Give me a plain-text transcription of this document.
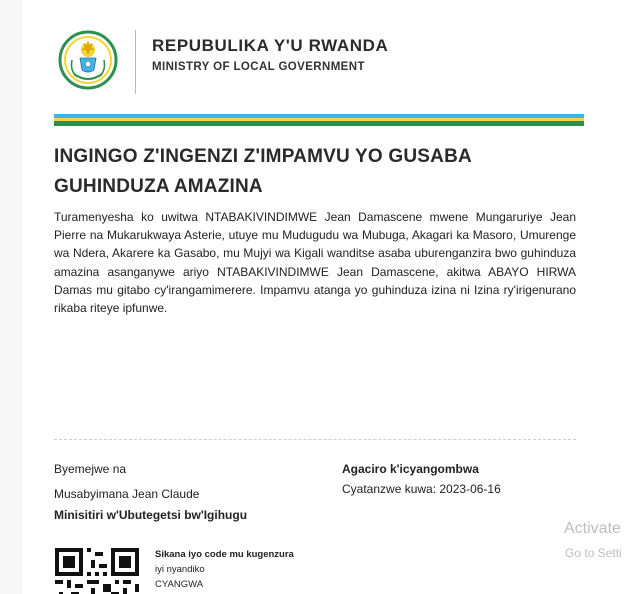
REPUBULIKA Y'U RWANDA
MINISTRY OF LOCAL GOVERNMENT
INGINGO Z'INGENZI Z'IMPAMVU YO GUSABA GUHINDUZA AMAZINA
Turamenyesha ko uwitwa NTABAKIVINDIMWE Jean Damascene mwene Mungaruriye Jean Pierre na Mukarukwaya Asterie, utuye mu Mudugudu wa Mubuga, Akagari ka Masoro, Umurenge wa Ndera, Akarere ka Gasabo, mu Mujyi wa Kigali wanditse asaba uburenganzira bwo guhinduza amazina asanganywe ariyo NTABAKIVINDIMWE Jean Damascene, akitwa ABAYO HIRWA Damas mu gitabo cy'irangamimerere. Impamvu atanga yo guhinduza izina ni Izina ry'irigenurano rikaba riteye ipfunwe.
Byemejwe na
Musabyimana Jean Claude
Minisitiri w'Ubutegetsi bw'Igihugu
Agaciro k'icyangombwa
Cyatanzwe kuwa: 2023-06-16
Sikana iyo code mu kugenzura
iyi nyandiko
CYANGWA
Activate
Go to Setti
